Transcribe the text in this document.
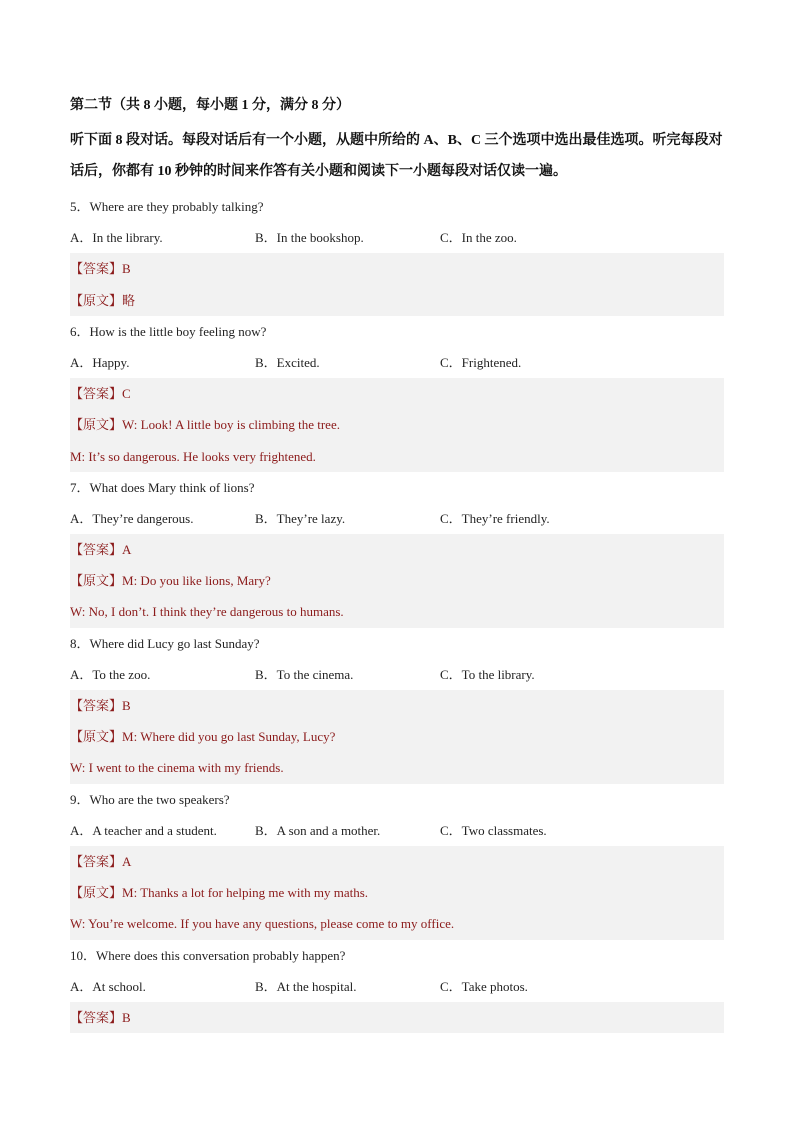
第二节（共 8 小题，每小题 1 分，满分 8 分）
听下面 8 段对话。每段对话后有一个小题，从题中所给的 A、B、C 三个选项中选出最佳选项。听完每段对话后，你都有 10 秒钟的时间来作答有关小题和阅读下一小题每段对话仅读一遍。
5．Where are they probably talking?
A．In the library.	B．In the bookshop.	C．In the zoo.
【答案】B
【原文】略
6．How is the little boy feeling now?
A．Happy.	B．Excited.	C．Frightened.
【答案】C
【原文】W: Look! A little boy is climbing the tree.
M: It’s so dangerous. He looks very frightened.
7．What does Mary think of lions?
A．They’re dangerous.	B．They’re lazy.	C．They’re friendly.
【答案】A
【原文】M: Do you like lions, Mary?
W: No, I don’t. I think they’re dangerous to humans.
8．Where did Lucy go last Sunday?
A．To the zoo.	B．To the cinema.	C．To the library.
【答案】B
【原文】M: Where did you go last Sunday, Lucy?
W: I went to the cinema with my friends.
9．Who are the two speakers?
A．A teacher and a student.	B．A son and a mother.	C．Two classmates.
【答案】A
【原文】M: Thanks a lot for helping me with my maths.
W: You’re welcome. If you have any questions, please come to my office.
10．Where does this conversation probably happen?
A．At school.	B．At the hospital.	C．Take photos.
【答案】B
